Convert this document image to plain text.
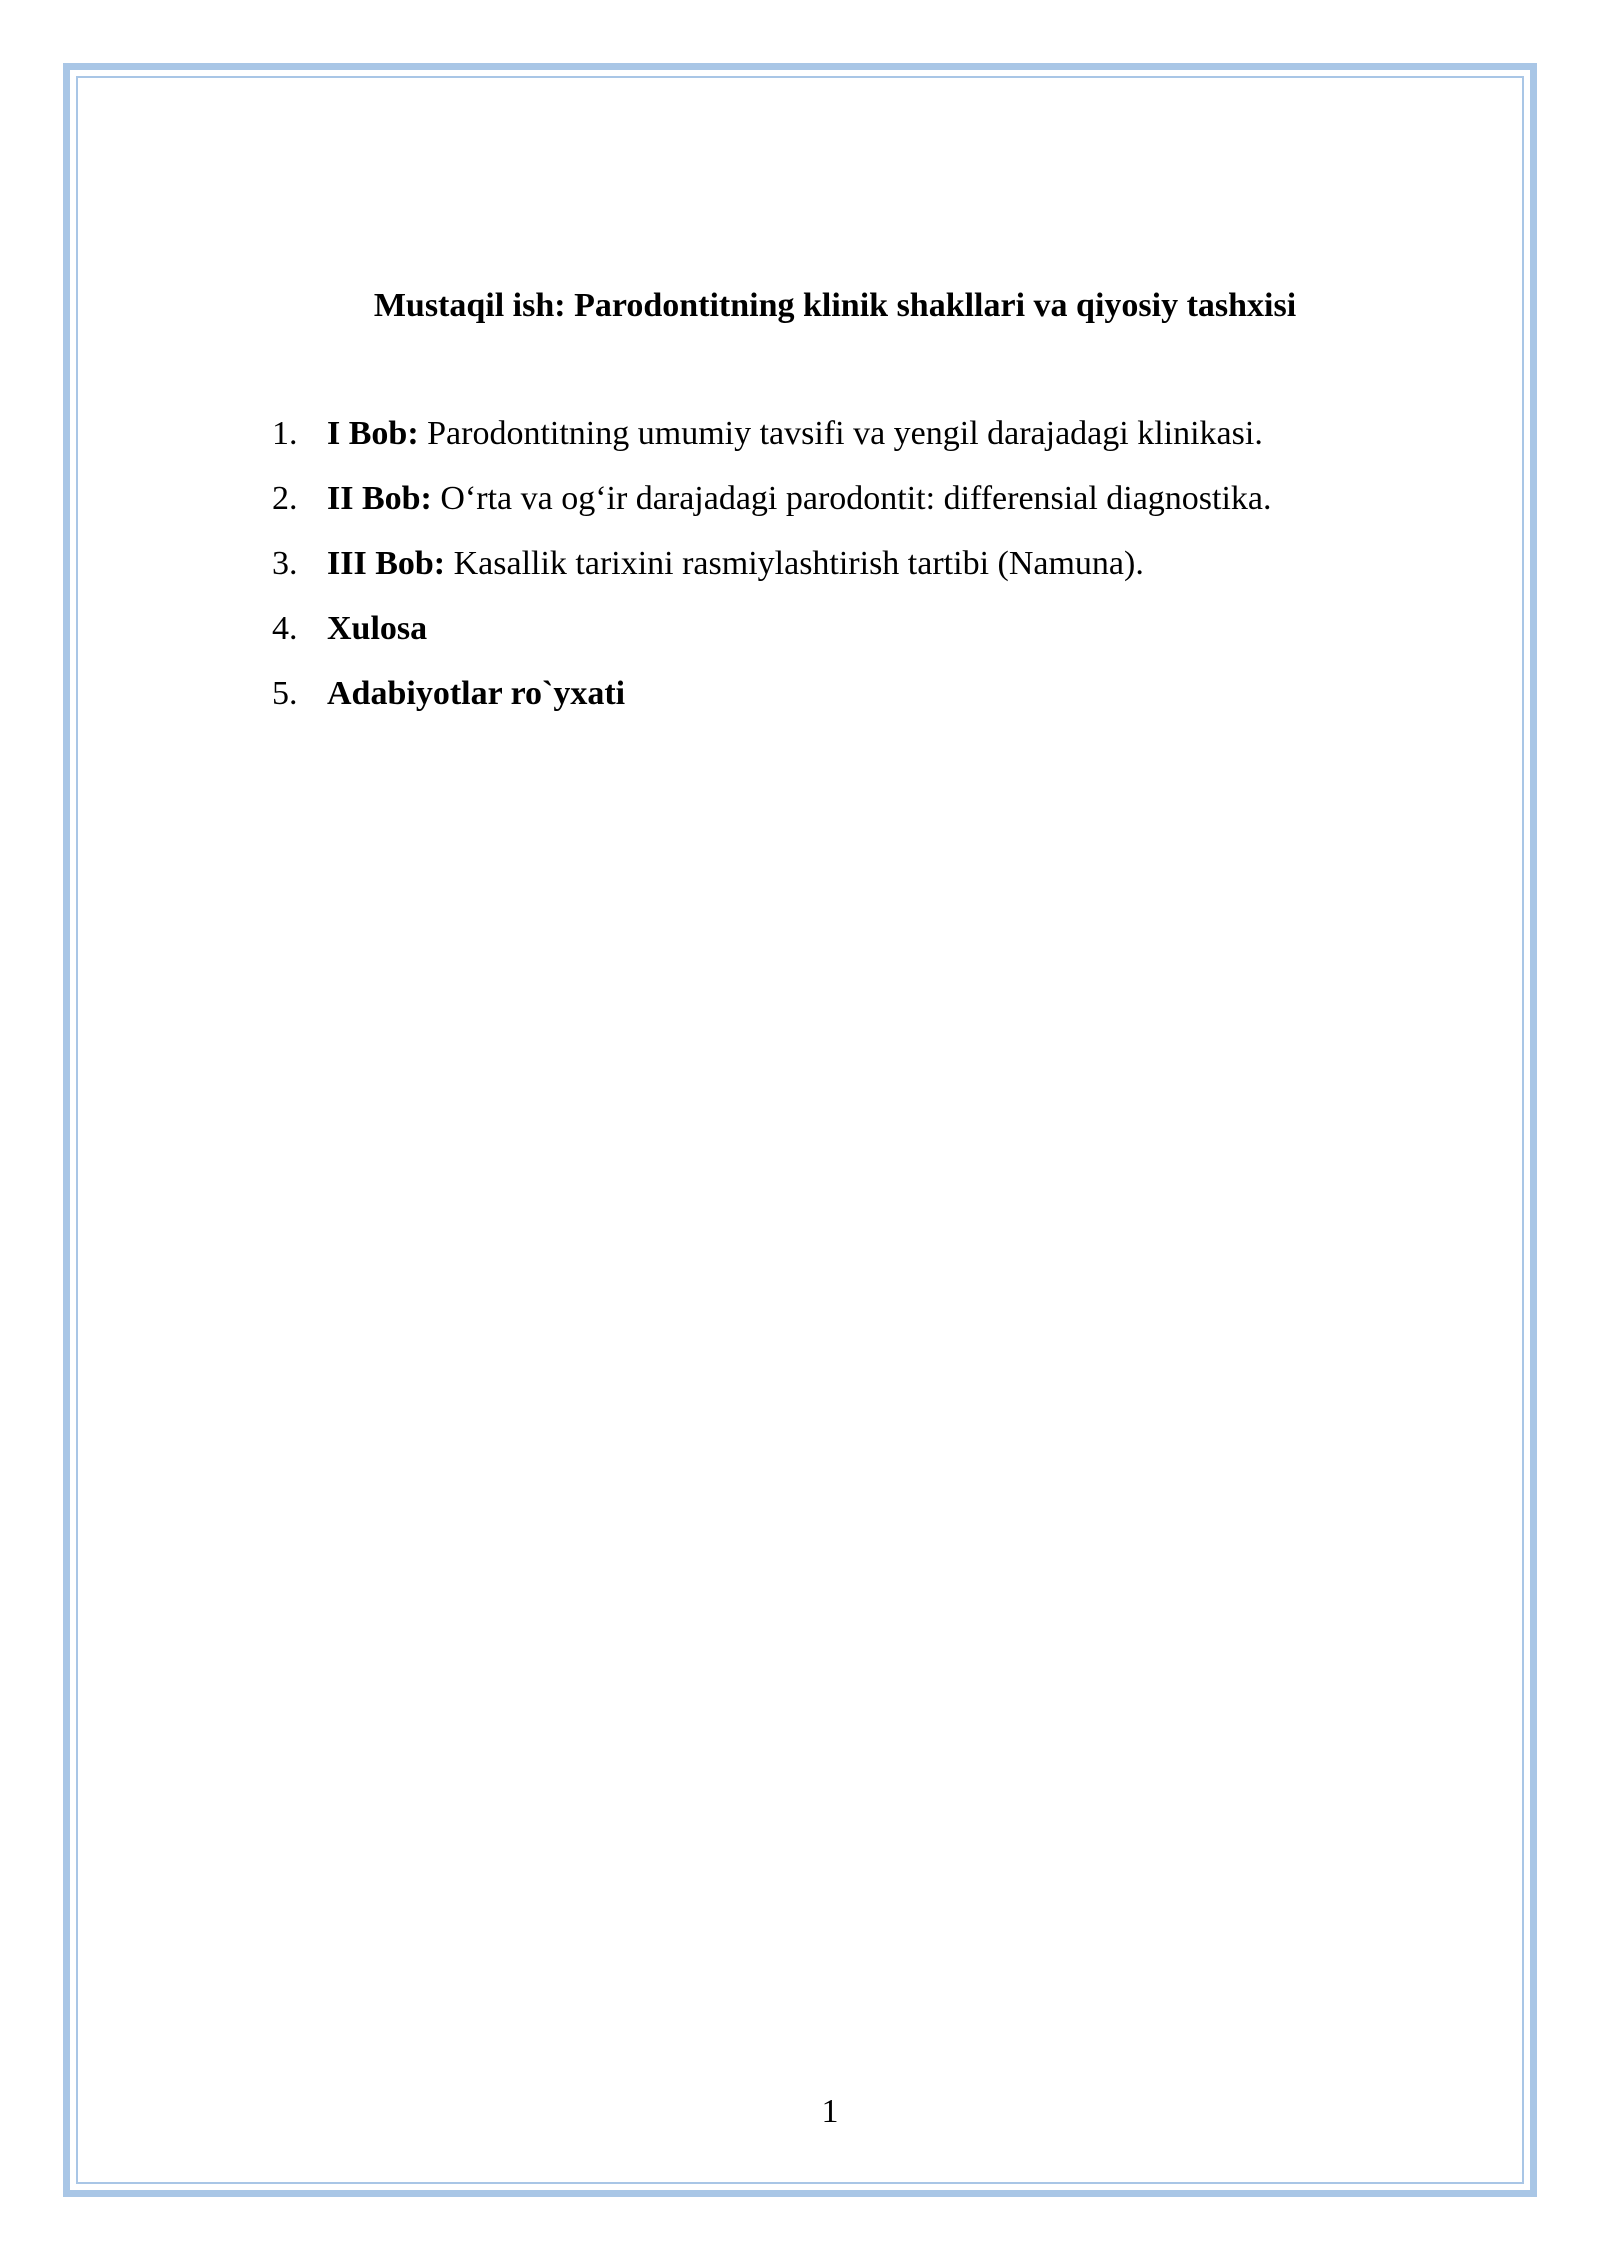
Mustaqil ish: Parodontitning klinik shakllari va qiyosiy tashxisi
1. I Bob: Parodontitning umumiy tavsifi va yengil darajadagi klinikasi.
2. II Bob: O‘rta va og‘ir darajadagi parodontit: differensial diagnostika.
3. III Bob: Kasallik tarixini rasmiylashtirish tartibi (Namuna).
4. Xulosa
5. Adabiyotlar ro`yxati
1
